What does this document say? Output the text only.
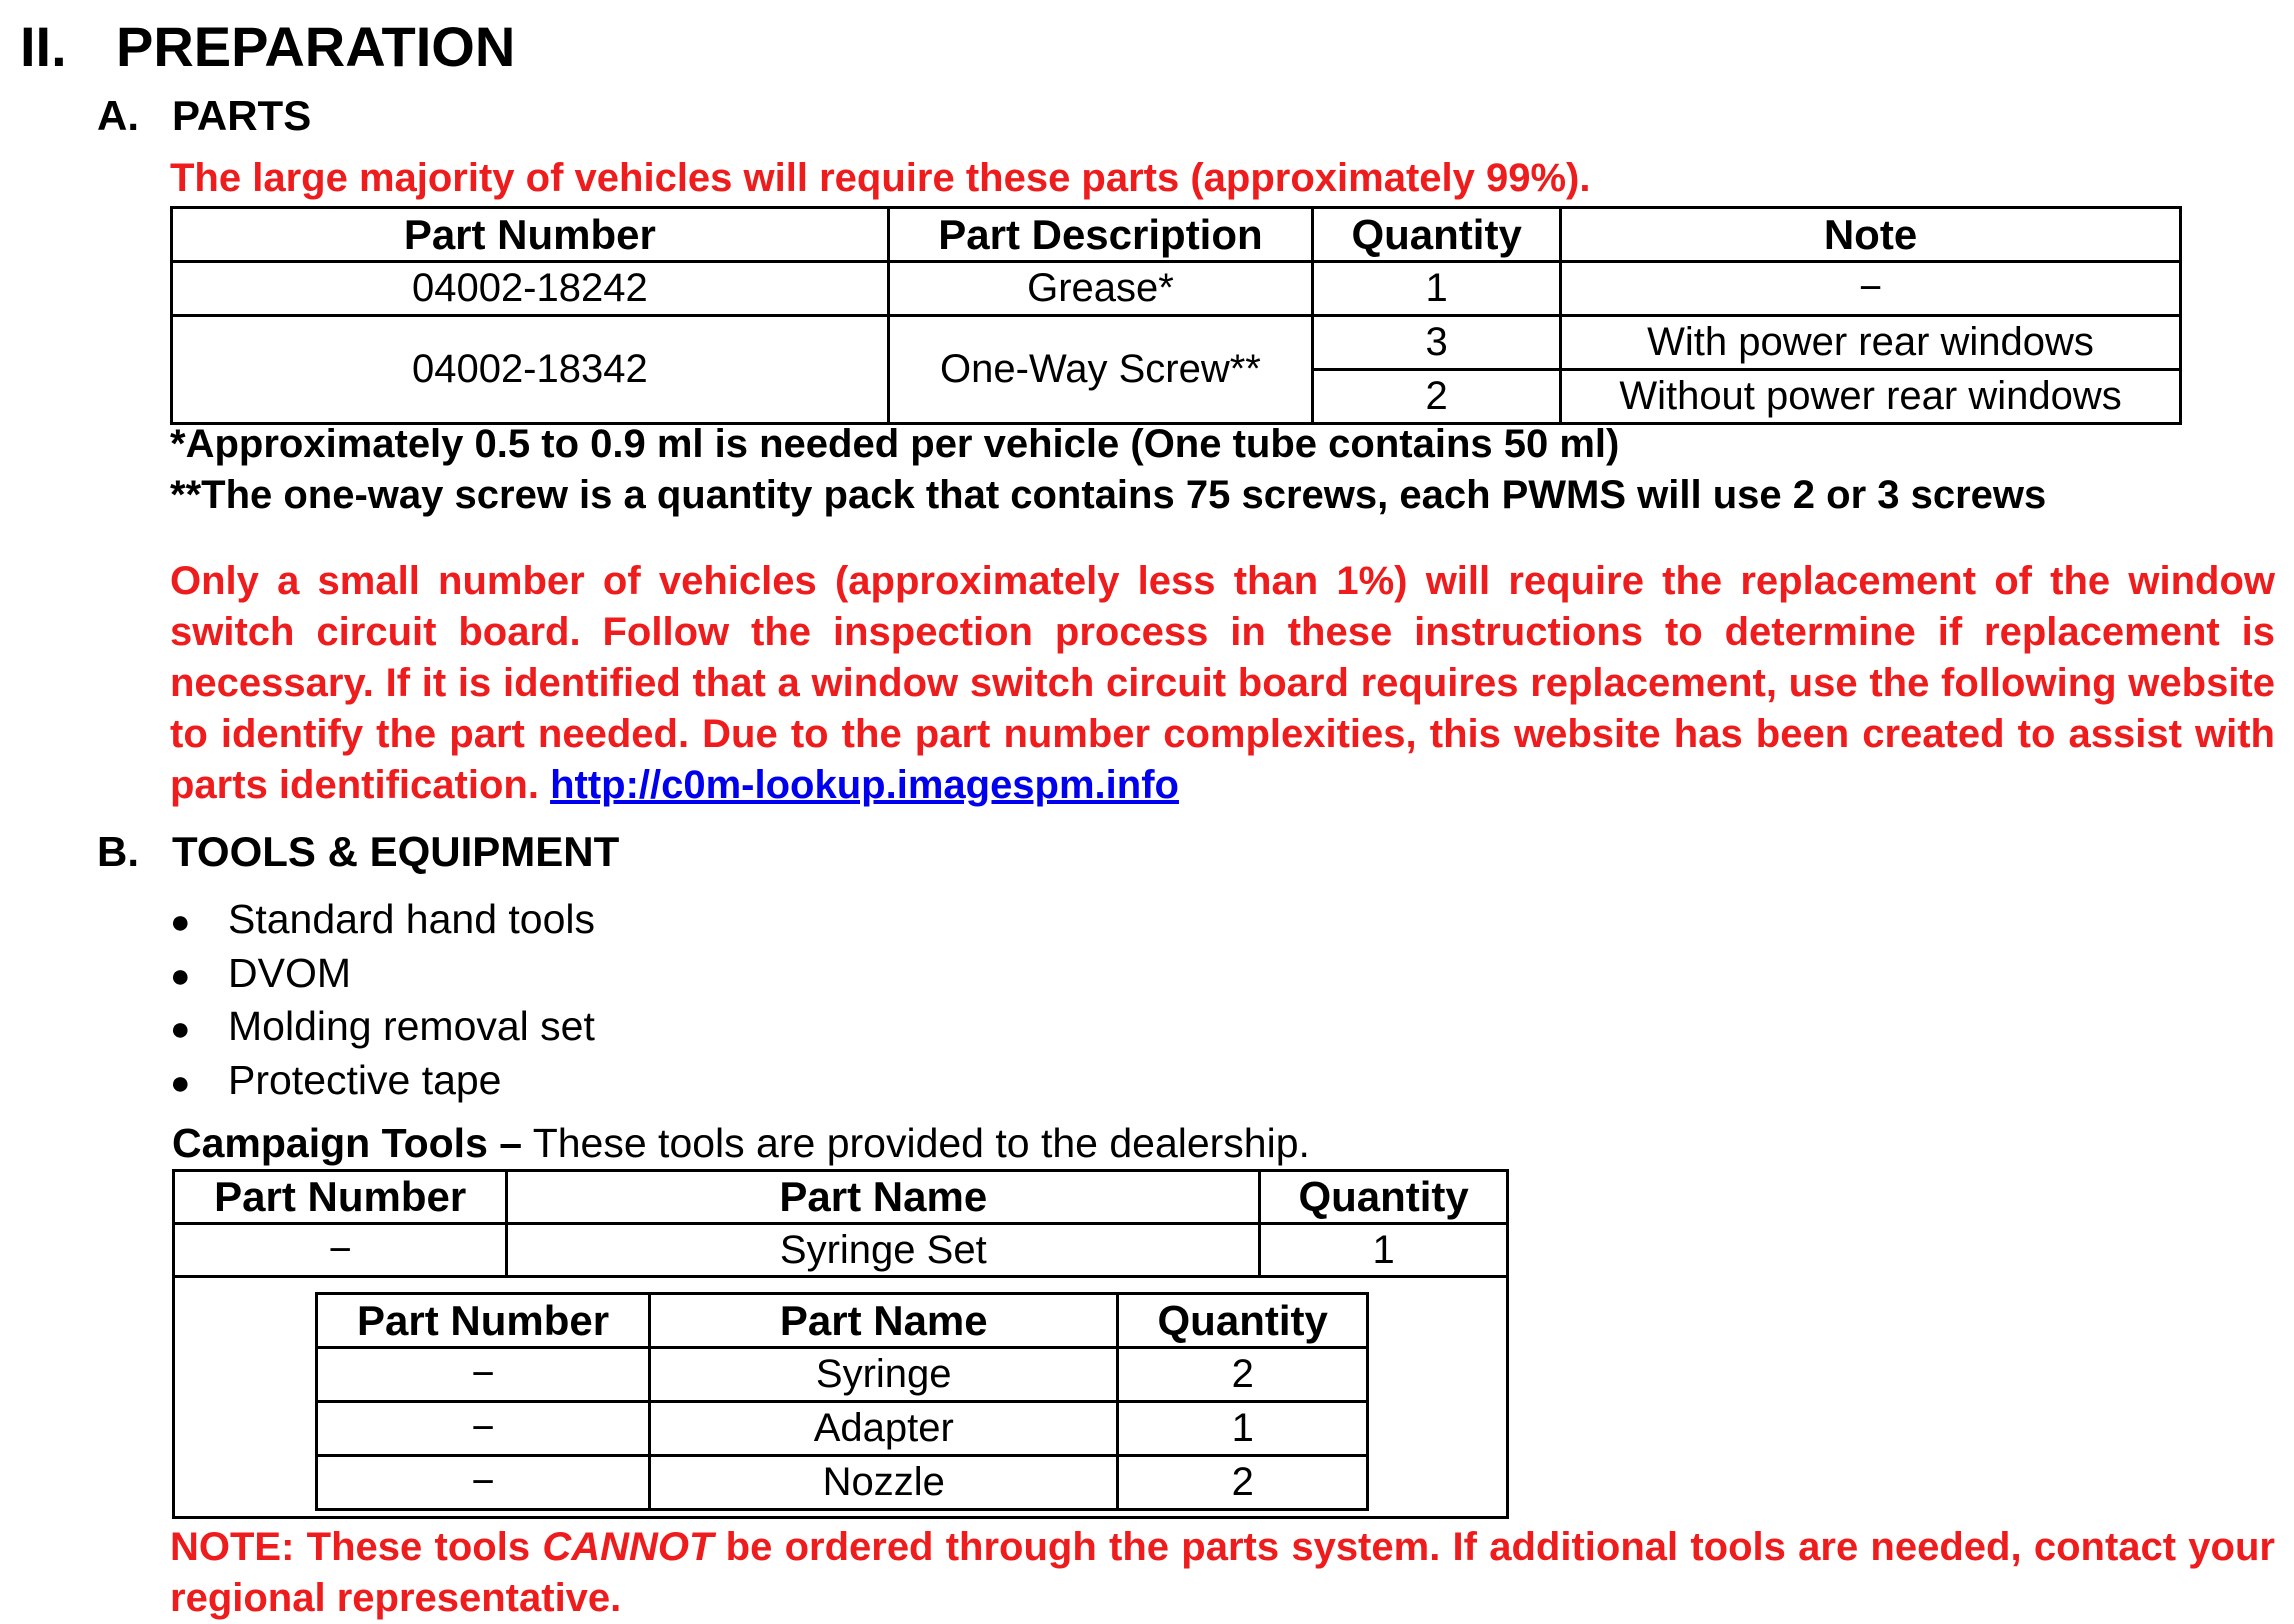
II. PREPARATION
A. PARTS
The large majority of vehicles will require these parts (approximately 99%).
Part Number	Part Description	Quantity	Note
04002-18242	Grease*	1	−
04002-18342	One-Way Screw**	3	With power rear windows
		2	Without power rear windows
*Approximately 0.5 to 0.9 ml is needed per vehicle (One tube contains 50 ml)
**The one-way screw is a quantity pack that contains 75 screws, each PWMS will use 2 or 3 screws
Only a small number of vehicles (approximately less than 1%) will require the replacement of the window switch circuit board. Follow the inspection process in these instructions to determine if replacement is necessary. If it is identified that a window switch circuit board requires replacement, use the following website to identify the part needed. Due to the part number complexities, this website has been created to assist with parts identification. http://c0m-lookup.imagespm.info
B. TOOLS & EQUIPMENT
● Standard hand tools
● DVOM
● Molding removal set
● Protective tape
Campaign Tools – These tools are provided to the dealership.
Part Number	Part Name	Quantity
−	Syringe Set	1
Part Number	Part Name	Quantity
−	Syringe	2
−	Adapter	1
−	Nozzle	2
NOTE: These tools CANNOT be ordered through the parts system. If additional tools are needed, contact your regional representative.
